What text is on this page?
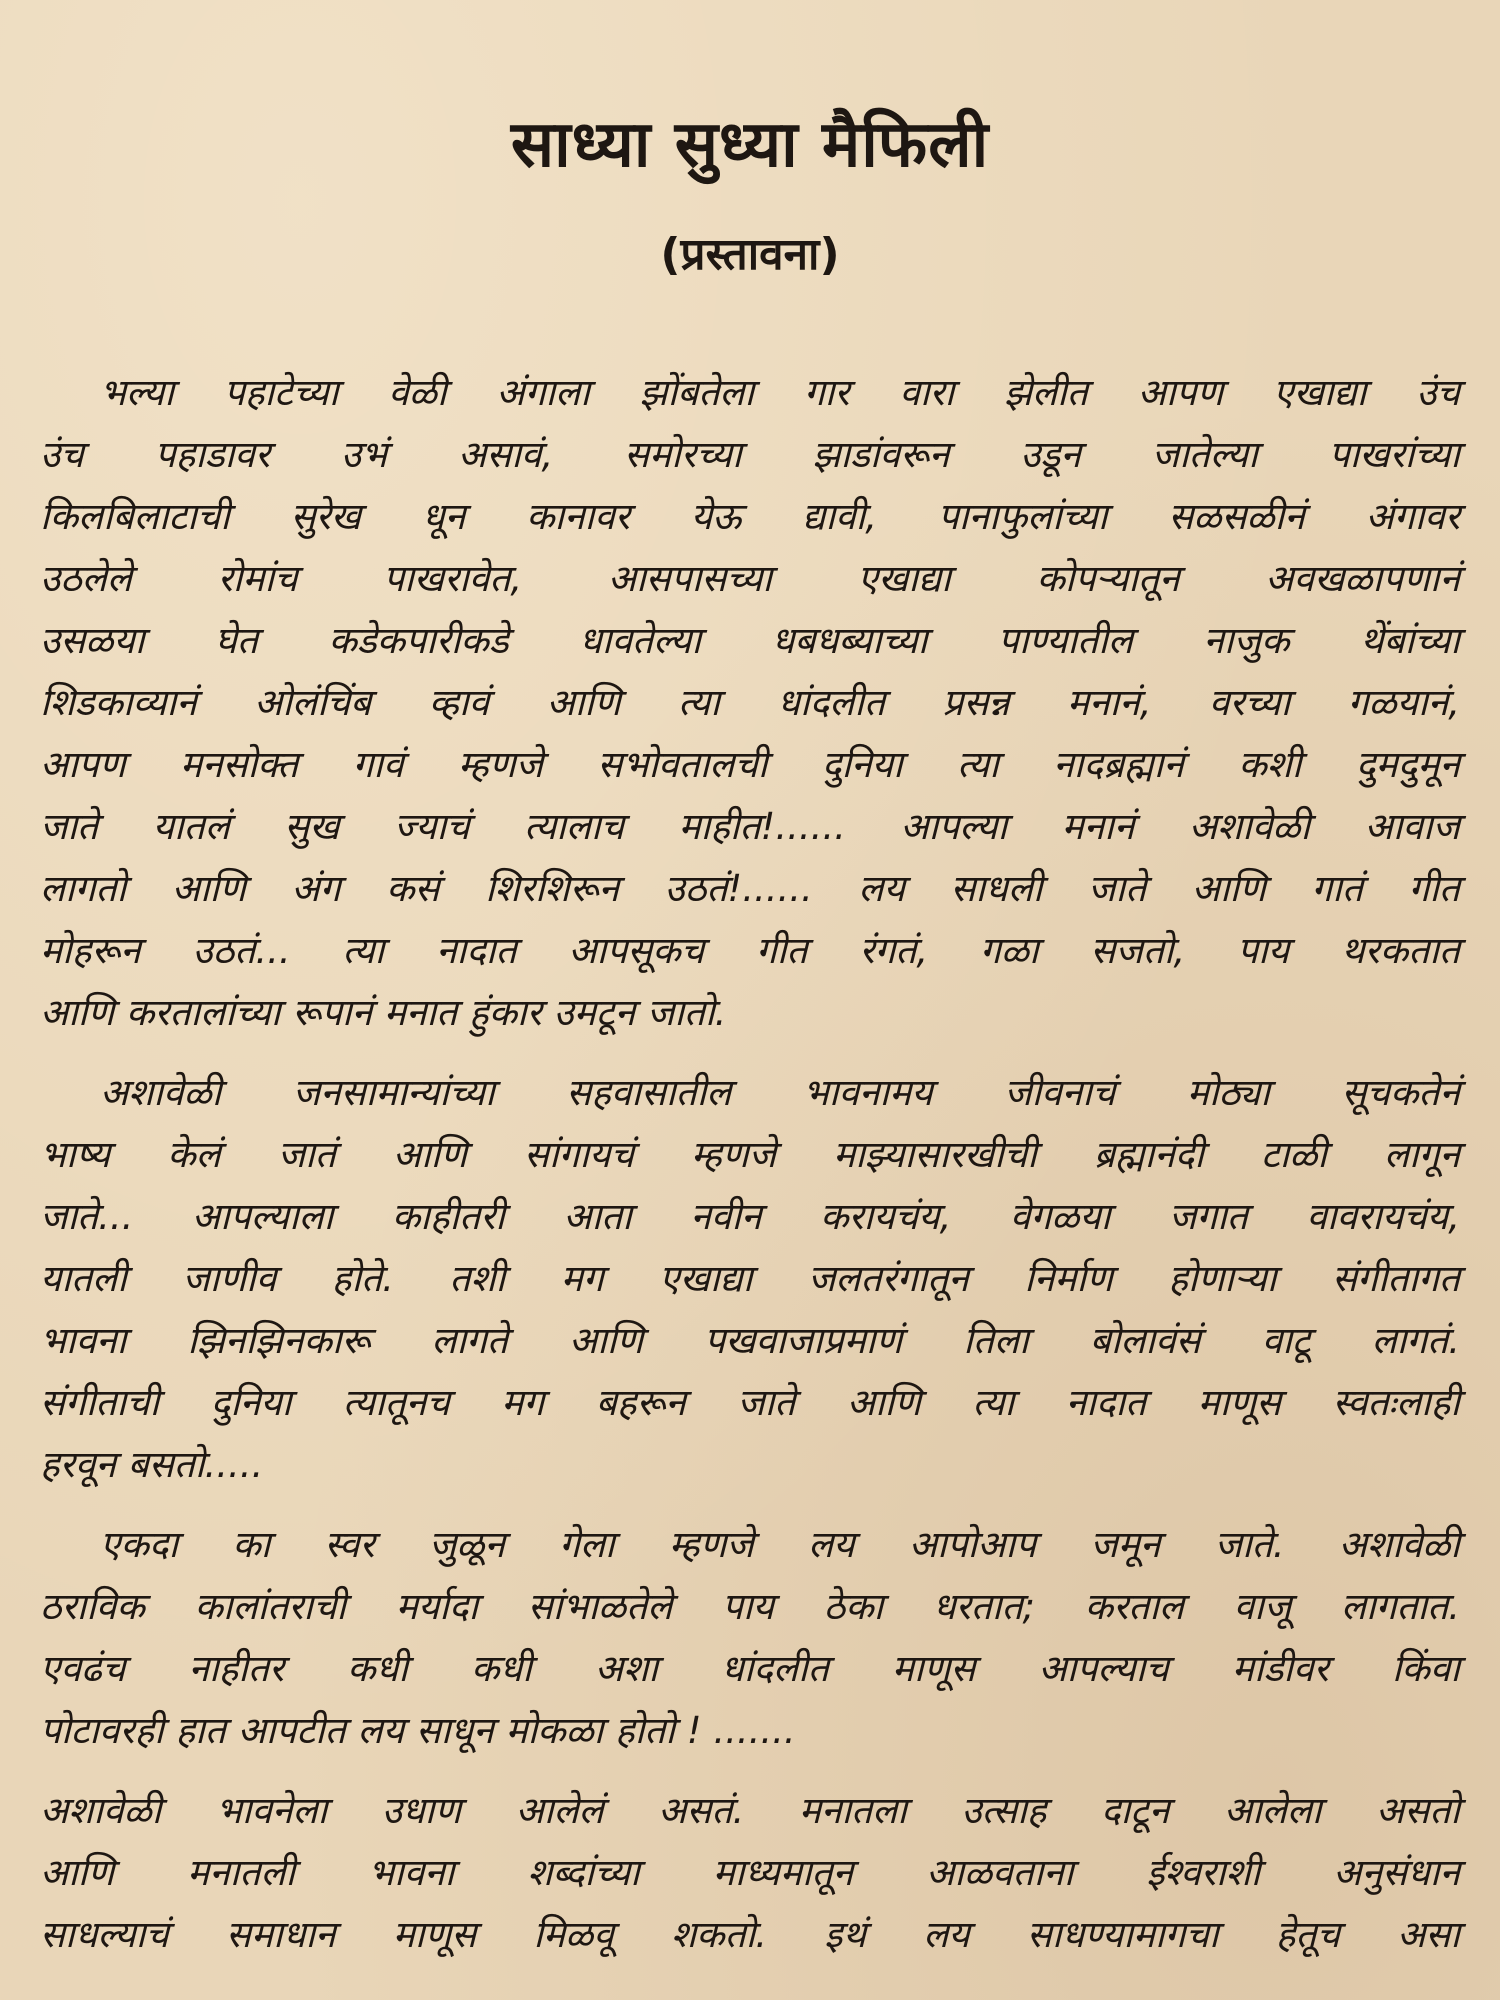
साध्या सुध्या मैफिली
(प्रस्तावना)

भल्या पहाटेच्या वेळी अंगाला झोंबतेला गार वारा झेलीत आपण एखाद्या उंच
उंच पहाडावर उभं असावं, समोरच्या झाडांवरून उडून जातेल्या पाखरांच्या
किलबिलाटाची सुरेख धून कानावर येऊ द्यावी, पानाफुलांच्या सळसळीनं अंगावर
उठलेले रोमांच पाखरावेत, आसपासच्या एखाद्या कोपऱ्यातून अवखळापणानं
उसळया घेत कडेकपारीकडे धावतेल्या धबधब्याच्या पाण्यातील नाजुक थेंबांच्या
शिडकाव्यानं ओलंचिंब व्हावं आणि त्या धांदलीत प्रसन्न मनानं, वरच्या गळयानं,
आपण मनसोक्त गावं म्हणजे सभोवतालची दुनिया त्या नादब्रह्मानं कशी दुमदुमून
जाते यातलं सुख ज्याचं त्यालाच माहीत!...... आपल्या मनानं अशावेळी आवाज
लागतो आणि अंग कसं शिरशिरून उठतं!...... लय साधली जाते आणि गातं गीत
मोहरून उठतं... त्या नादात आपसूकच गीत रंगतं, गळा सजतो, पाय थरकतात
आणि करतालांच्या रूपानं मनात हुंकार उमटून जातो.

अशावेळी जनसामान्यांच्या सहवासातील भावनामय जीवनाचं मोठ्या सूचकतेनं
भाष्य केलं जातं आणि सांगायचं म्हणजे माझ्यासारखीची ब्रह्मानंदी टाळी लागून
जाते... आपल्याला काहीतरी आता नवीन करायचंय, वेगळया जगात वावरायचंय,
यातली जाणीव होते. तशी मग एखाद्या जलतरंगातून निर्माण होणाऱ्या संगीतागत
भावना झिनझिनकारू लागते आणि पखवाजाप्रमाणं तिला बोलावंसं वाटू लागतं.
संगीताची दुनिया त्यातूनच मग बहरून जाते आणि त्या नादात माणूस स्वतःलाही
हरवून बसतो.....

एकदा का स्वर जुळून गेला म्हणजे लय आपोआप जमून जाते. अशावेळी
ठराविक कालांतराची मर्यादा सांभाळतेले पाय ठेका धरतात; करताल वाजू लागतात.
एवढंच नाहीतर कधी कधी अशा धांदलीत माणूस आपल्याच मांडीवर किंवा
पोटावरही हात आपटीत लय साधून मोकळा होतो ! .......

अशावेळी भावनेला उधाण आलेलं असतं. मनातला उत्साह दाटून आलेला असतो
आणि मनातली भावना शब्दांच्या माध्यमातून आळवताना ईश्वराशी अनुसंधान
साधल्याचं समाधान माणूस मिळवू शकतो. इथं लय साधण्यामागचा हेतूच असा
